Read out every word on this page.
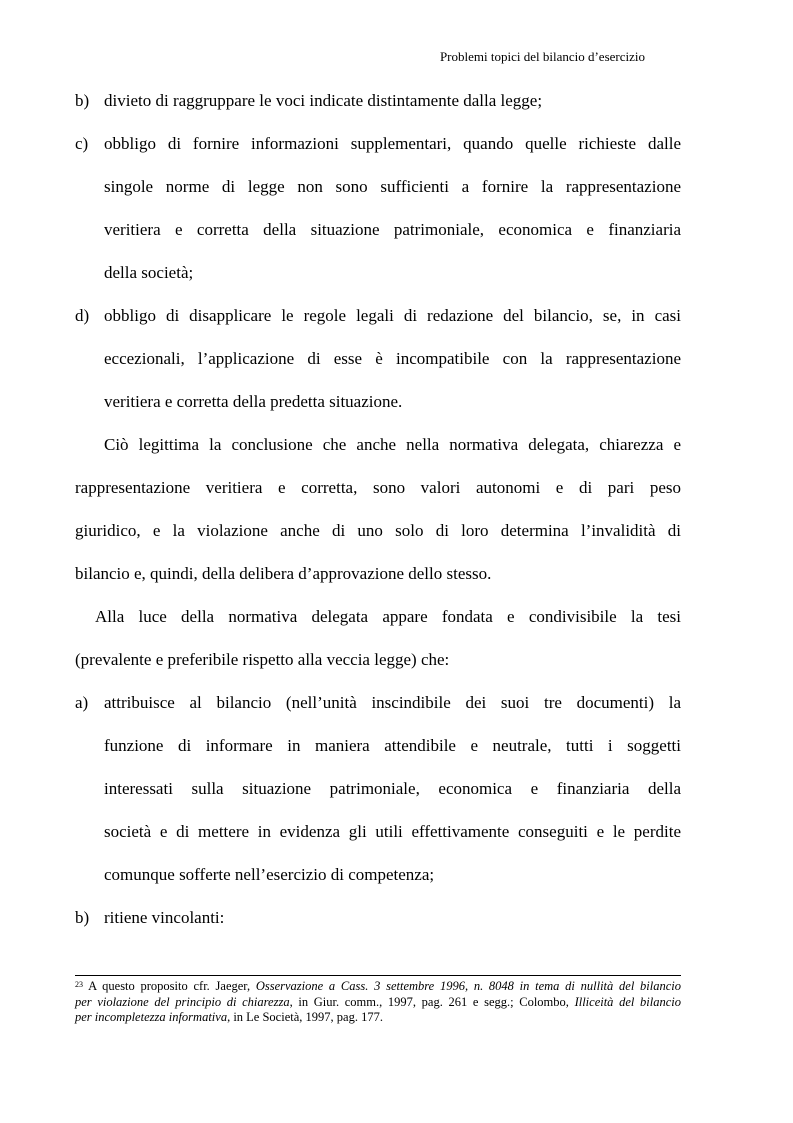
Problemi topici del bilancio d’esercizio
b) divieto di raggruppare le voci indicate distintamente dalla legge;
c) obbligo di fornire informazioni supplementari, quando quelle richieste dalle
singole norme di legge non sono sufficienti a fornire la rappresentazione
veritiera e corretta della situazione patrimoniale, economica e finanziaria
della società;
d) obbligo di disapplicare le regole legali di redazione del bilancio, se, in casi
eccezionali, l’applicazione di esse è incompatibile con la rappresentazione
veritiera e corretta della predetta situazione.
Ciò legittima la conclusione che anche nella normativa delegata, chiarezza e
rappresentazione veritiera e corretta, sono valori autonomi e di pari peso
giuridico, e la violazione anche di uno solo di loro determina l’invalidità di
bilancio e, quindi, della delibera d’approvazione dello stesso.
Alla luce della normativa delegata appare fondata e condivisibile la tesi
(prevalente e preferibile rispetto alla veccia legge) che:
a) attribuisce al bilancio (nell’unità inscindibile dei suoi tre documenti) la
funzione di informare in maniera attendibile e neutrale, tutti i soggetti
interessati sulla situazione patrimoniale, economica e finanziaria della
società e di mettere in evidenza gli utili effettivamente conseguiti e le perdite
comunque sofferte nell’esercizio di competenza;
b) ritiene vincolanti:
$^{23}$ A questo proposito cfr. Jaeger, Osservazione a Cass. 3 settembre 1996, n. 8048 in tema di nullità del bilancio
per violazione del principio di chiarezza, in Giur. comm., 1997, pag. 261 e segg.; Colombo, Illiceità del bilancio
per incompletezza informativa, in Le Società, 1997, pag. 177.
